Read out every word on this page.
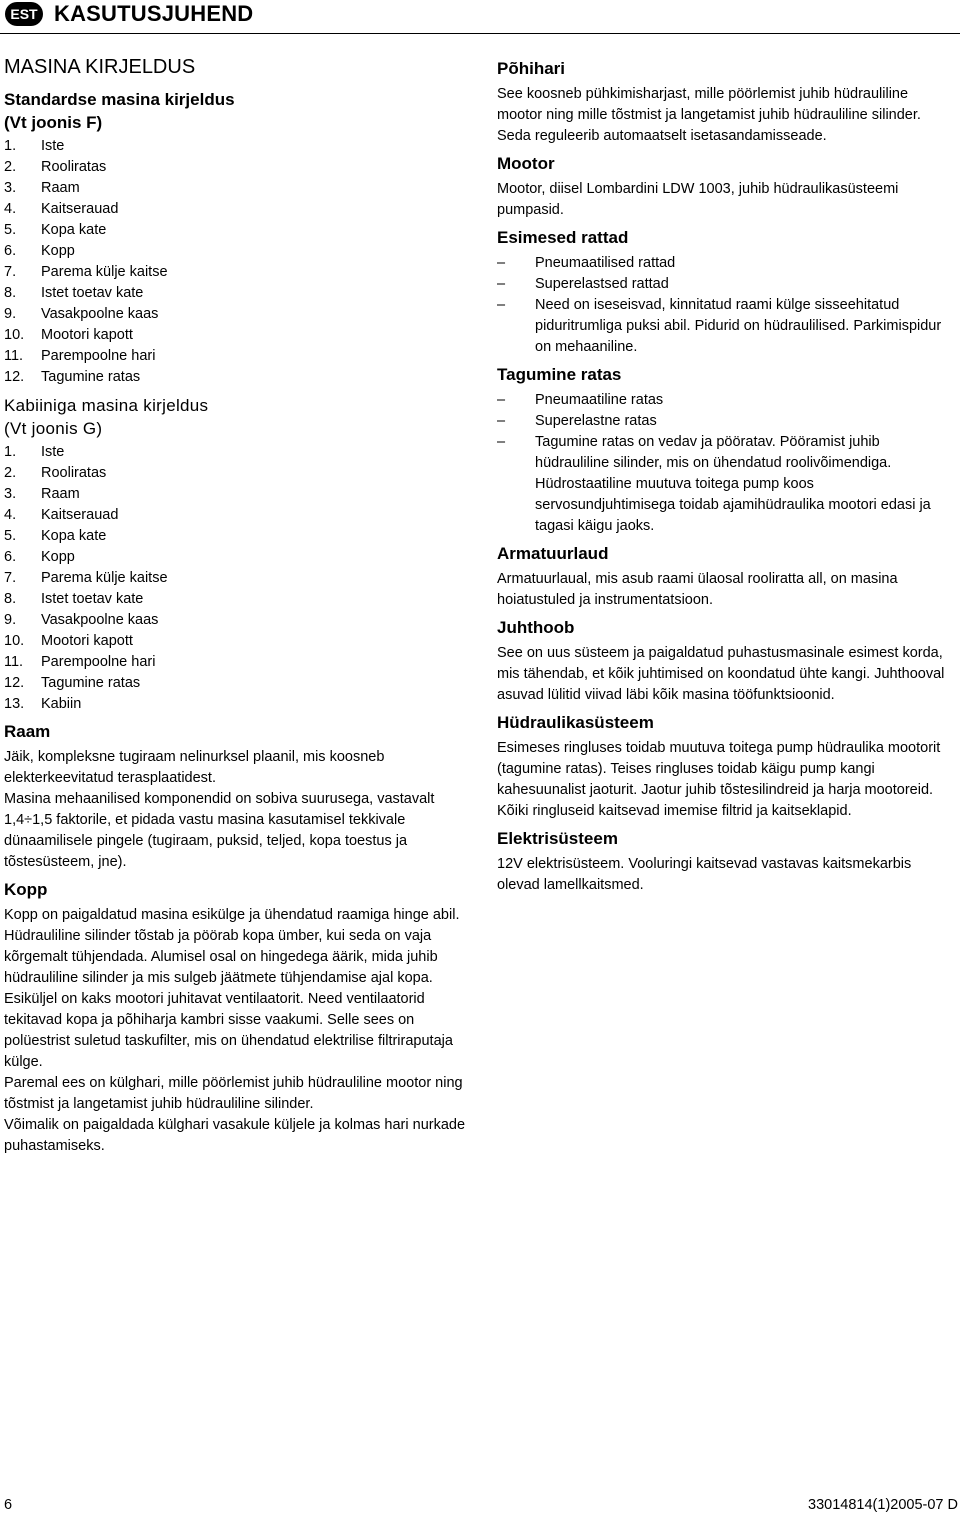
EST KASUTUSJUHEND
MASINA KIRJELDUS
Standardse masina kirjeldus
(Vt joonis F)
1.	Iste
2.	Rooliratas
3.	Raam
4.	Kaitserauad
5.	Kopa kate
6.	Kopp
7.	Parema külje kaitse
8.	Istet toetav kate
9.	Vasakpoolne kaas
10.	Mootori kapott
11.	Parempoolne hari
12.	Tagumine ratas
Kabiiniga masina kirjeldus
(Vt joonis G)
1.	Iste
2.	Rooliratas
3.	Raam
4.	Kaitserauad
5.	Kopa kate
6.	Kopp
7.	Parema külje kaitse
8.	Istet toetav kate
9.	Vasakpoolne kaas
10.	Mootori kapott
11.	Parempoolne hari
12.	Tagumine ratas
13.	Kabiin
Raam

Jäik, kompleksne tugiraam nelinurksel plaanil, mis koosneb elekterkeevitatud terasplaatidest.

Masina mehaanilised komponendid on sobiva suurusega, vastavalt 1,4÷1,5 faktorile, et pidada vastu masina kasutamisel tekkivale dünaamilisele pingele (tugiraam, puksid, teljed, kopa toestus ja tõstesüsteem, jne).

Kopp

Kopp on paigaldatud masina esikülge ja ühendatud raamiga hinge abil.

Hüdrauliline silinder tõstab ja pöörab kopa ümber, kui seda on vaja kõrgemalt tühjendada. Alumisel osal on hingedega äärik, mida juhib hüdrauliline silinder ja mis sulgeb jäätmete tühjendamise ajal kopa. Esiküljel on kaks mootori juhitavat ventilaatorit. Need ventilaatorid tekitavad kopa ja põhiharja kambri sisse vaakumi. Selle sees on polüestrist suletud taskufilter, mis on ühendatud elektrilise filtriraputaja külge.

Paremal ees on külghari, mille pöörlemist juhib hüdrauliline mootor ning tõstmist ja langetamist juhib hüdrauliline silinder.

Võimalik on paigaldada külghari vasakule küljele ja kolmas hari nurkade puhastamiseks.

Põhihari

See koosneb pühkimisharjast, mille pöörlemist juhib hüdrauliline mootor ning mille tõstmist ja langetamist juhib hüdrauliline silinder. Seda reguleerib automaatselt isetasandamisseade.

Mootor

Mootor, diisel Lombardini LDW 1003, juhib hüdraulikasüsteemi pumpasid.

Esimesed rattad
–	Pneumaatilised rattad
–	Superelastsed rattad
–	Need on iseseisvad, kinnitatud raami külge sisseehitatud piduritrumliga puksi abil. Pidurid on hüdraulilised. Parkimispidur on mehaaniline.
Tagumine ratas
–	Pneumaatiline ratas
–	Superelastne ratas
–	Tagumine ratas on vedav ja pööratav. Pööramist juhib hüdrauliline silinder, mis on ühendatud roolivõimendiga. Hüdrostaatiline muutuva toitega pump koos servosundjuhtimisega toidab ajamihüdraulika mootori edasi ja tagasi käigu jaoks.
Armatuurlaud

Armatuurlaual, mis asub raami ülaosal rooliratta all, on masina hoiatustuled ja instrumentatsioon.

Juhthoob

See on uus süsteem ja paigaldatud puhastusmasinale esimest korda, mis tähendab, et kõik juhtimised on koondatud ühte kangi. Juhthooval asuvad lülitid viivad läbi kõik masina tööfunktsioonid.

Hüdraulikasüsteem

Esimeses ringluses toidab muutuva toitega pump hüdraulika mootorit (tagumine ratas). Teises ringluses toidab käigu pump kangi kahesuunalist jaoturit. Jaotur juhib tõstesilindreid ja harja mootoreid.

Kõiki ringluseid kaitsevad imemise filtrid ja kaitseklapid.

Elektrisüsteem

12V elektrisüsteem. Vooluringi kaitsevad vastavas kaitsmekarbis olevad lamellkaitsmed.

6	33014814(1)2005-07 D
